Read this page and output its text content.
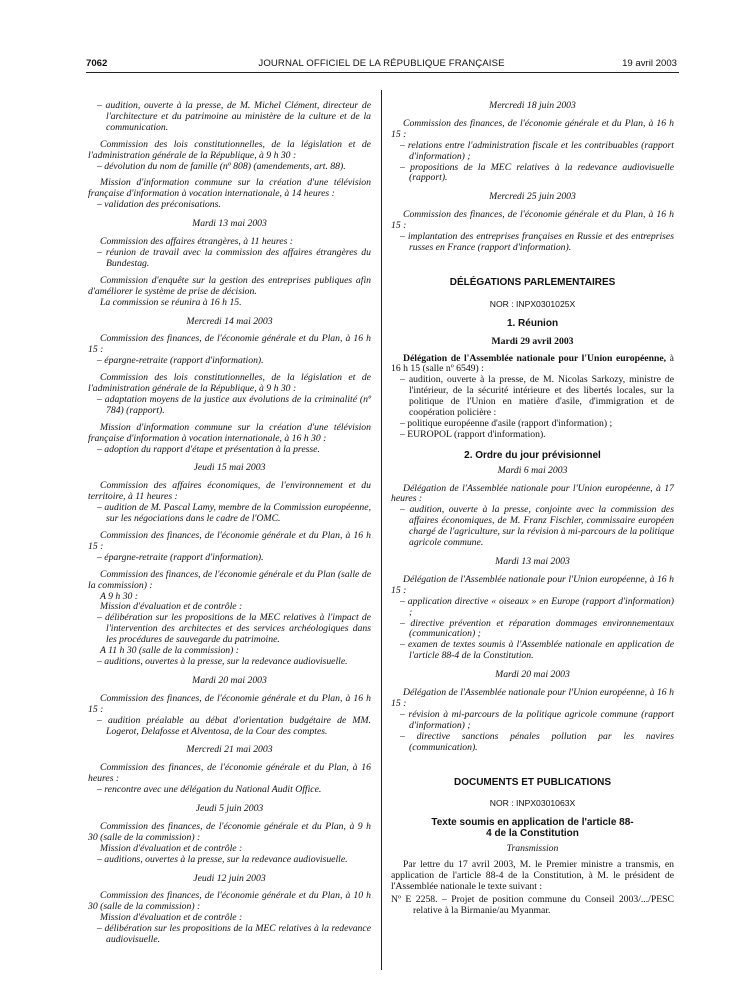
7062	JOURNAL OFFICIEL DE LA RÉPUBLIQUE FRANÇAISE	19 avril 2003

– audition, ouverte à la presse, de M. Michel Clément, directeur de l'architecture et du patrimoine au ministère de la culture et de la communication.

Commission des lois constitutionnelles, de la législation et de l'administration générale de la République, à 9 h 30 :

– dévolution du nom de famille (nº 808) (amendements, art. 88).

Mission d'information commune sur la création d'une télévision française d'information à vocation internationale, à 14 heures :

– validation des préconisations.

Mardi 13 mai 2003

Commission des affaires étrangères, à 11 heures :

– réunion de travail avec la commission des affaires étrangères du Bundestag.

Commission d'enquête sur la gestion des entreprises publiques afin d'améliorer le système de prise de décision.

La commission se réunira à 16 h 15.

Mercredi 14 mai 2003

Commission des finances, de l'économie générale et du Plan, à 16 h 15 :

– épargne-retraite (rapport d'information).

Commission des lois constitutionnelles, de la législation et de l'administration générale de la République, à 9 h 30 :

– adaptation moyens de la justice aux évolutions de la criminalité (nº 784) (rapport).

Mission d'information commune sur la création d'une télévision française d'information à vocation internationale, à 16 h 30 :

– adoption du rapport d'étape et présentation à la presse.

Jeudi 15 mai 2003

Commission des affaires économiques, de l'environnement et du territoire, à 11 heures :

– audition de M. Pascal Lamy, membre de la Commission européenne, sur les négociations dans le cadre de l'OMC.

Commission des finances, de l'économie générale et du Plan, à 16 h 15 :

– épargne-retraite (rapport d'information).

Commission des finances, de l'économie générale et du Plan (salle de la commission) :

A 9 h 30 :

Mission d'évaluation et de contrôle :

– délibération sur les propositions de la MEC relatives à l'impact de l'intervention des architectes et des services archéologiques dans les procédures de sauvegarde du patrimoine.

A 11 h 30 (salle de la commission) :

– auditions, ouvertes à la presse, sur la redevance audiovisuelle.

Mardi 20 mai 2003

Commission des finances, de l'économie générale et du Plan, à 16 h 15 :

– audition préalable au débat d'orientation budgétaire de MM. Logerot, Delafosse et Alventosa, de la Cour des comptes.

Mercredi 21 mai 2003

Commission des finances, de l'économie générale et du Plan, à 16 heures :

– rencontre avec une délégation du National Audit Office.

Jeudi 5 juin 2003

Commission des finances, de l'économie générale et du Plan, à 9 h 30 (salle de la commission) :

Mission d'évaluation et de contrôle :

– auditions, ouvertes à la presse, sur la redevance audiovisuelle.

Jeudi 12 juin 2003

Commission des finances, de l'économie générale et du Plan, à 10 h 30 (salle de la commission) :

Mission d'évaluation et de contrôle :

– délibération sur les propositions de la MEC relatives à la redevance audiovisuelle.

Mercredi 18 juin 2003

Commission des finances, de l'économie générale et du Plan, à 16 h 15 :

– relations entre l'administration fiscale et les contribuables (rapport d'information) ;

– propositions de la MEC relatives à la redevance audiovisuelle (rapport).

Mercredi 25 juin 2003

Commission des finances, de l'économie générale et du Plan, à 16 h 15 :

– implantation des entreprises françaises en Russie et des entreprises russes en France (rapport d'information).

DÉLÉGATIONS PARLEMENTAIRES

NOR : INPX0301025X

1. Réunion

Mardi 29 avril 2003

Délégation de l'Assemblée nationale pour l'Union européenne, à 16 h 15 (salle nº 6549) :

– audition, ouverte à la presse, de M. Nicolas Sarkozy, ministre de l'intérieur, de la sécurité intérieure et des libertés locales, sur la politique de l'Union en matière d'asile, d'immigration et de coopération policière :

– politique européenne d'asile (rapport d'information) ;

– EUROPOL (rapport d'information).

2. Ordre du jour prévisionnel

Mardi 6 mai 2003

Délégation de l'Assemblée nationale pour l'Union européenne, à 17 heures :

– audition, ouverte à la presse, conjointe avec la commission des affaires économiques, de M. Franz Fischler, commissaire européen chargé de l'agriculture, sur la révision à mi-parcours de la politique agricole commune.

Mardi 13 mai 2003

Délégation de l'Assemblée nationale pour l'Union européenne, à 16 h 15 :

– application directive « oiseaux » en Europe (rapport d'information) ;

– directive prévention et réparation dommages environnementaux (communication) ;

– examen de textes soumis à l'Assemblée nationale en application de l'article 88-4 de la Constitution.

Mardi 20 mai 2003

Délégation de l'Assemblée nationale pour l'Union européenne, à 16 h 15 :

– révision à mi-parcours de la politique agricole commune (rapport d'information) ;

– directive sanctions pénales pollution par les navires (communication).

DOCUMENTS ET PUBLICATIONS

NOR : INPX0301063X

Texte soumis en application de l'article 88-4 de la Constitution

Transmission

Par lettre du 17 avril 2003, M. le Premier ministre a transmis, en application de l'article 88-4 de la Constitution, à M. le président de l'Assemblée nationale le texte suivant :

Nº E 2258. – Projet de position commune du Conseil 2003/.../PESC relative à la Birmanie/au Myanmar.
